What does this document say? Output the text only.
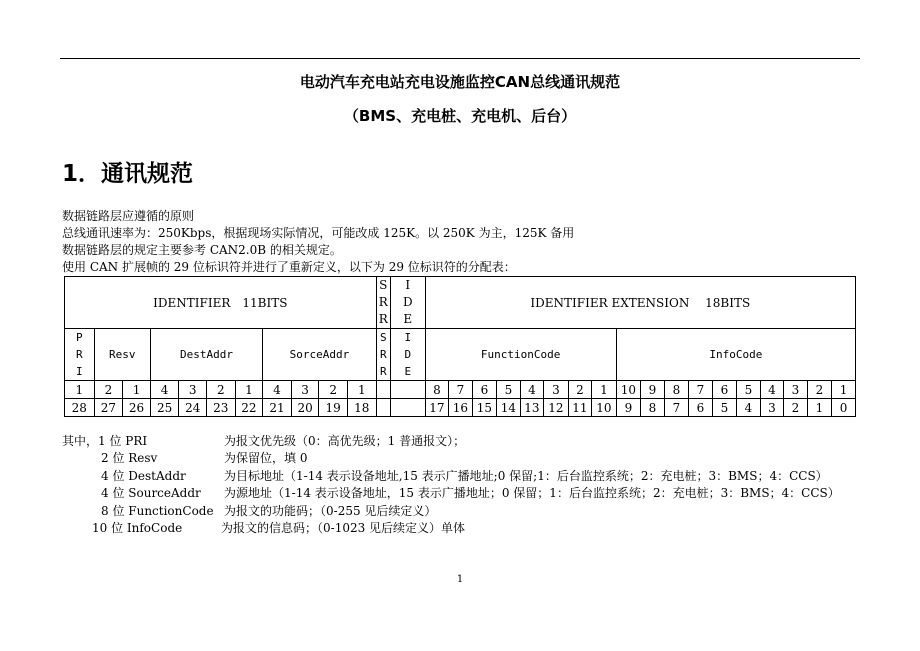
电动汽车充电站充电设施监控CAN总线通讯规范
（BMS、充电桩、充电机、后台）
1．通讯规范
数据链路层应遵循的原则
总线通讯速率为：250Kbps，根据现场实际情况，可能改成 125K。以 250K 为主，125K 备用
数据链路层的规定主要参考 CAN2.0B 的相关规定。
使用 CAN 扩展帧的 29 位标识符并进行了重新定义，以下为 29 位标识符的分配表：
IDENTIFIER　11BITS											S
R
R	I
D
E	IDENTIFIER EXTENSION　 18BITS																	

P
R
I	Resv		DestAddr				SorceAddr				S
R
R	I
D
E	FunctionCode								InfoCode									
1	2	1	4	3	2	1	4	3	2	1			8	7	6	5	4	3	2	1	10	9	8	7	6	5	4	3	2	1
28	27	26	25	24	23	22	21	20	19	18			17	16	15	14	13	12	11	10	9	8	7	6	5	4	3	2	1	0
其中，1 位 PRI	为报文优先级（0：高优先级；1 普通报文）；
2 位 Resv	为保留位，填 0
4 位 DestAddr	为目标地址（1-14 表示设备地址,15 表示广播地址;0 保留;1：后台监控系统；2：充电桩；3：BMS；4：CCS）
4 位 SourceAddr 为源地址（1-14 表示设备地址，15 表示广播地址；0 保留；1：后台监控系统；2：充电桩；3：BMS；4：CCS）
8 位 FunctionCode 为报文的功能码；（0-255 见后续定义）
10 位 InfoCode	为报文的信息码；（0-1023 见后续定义）单体
1
